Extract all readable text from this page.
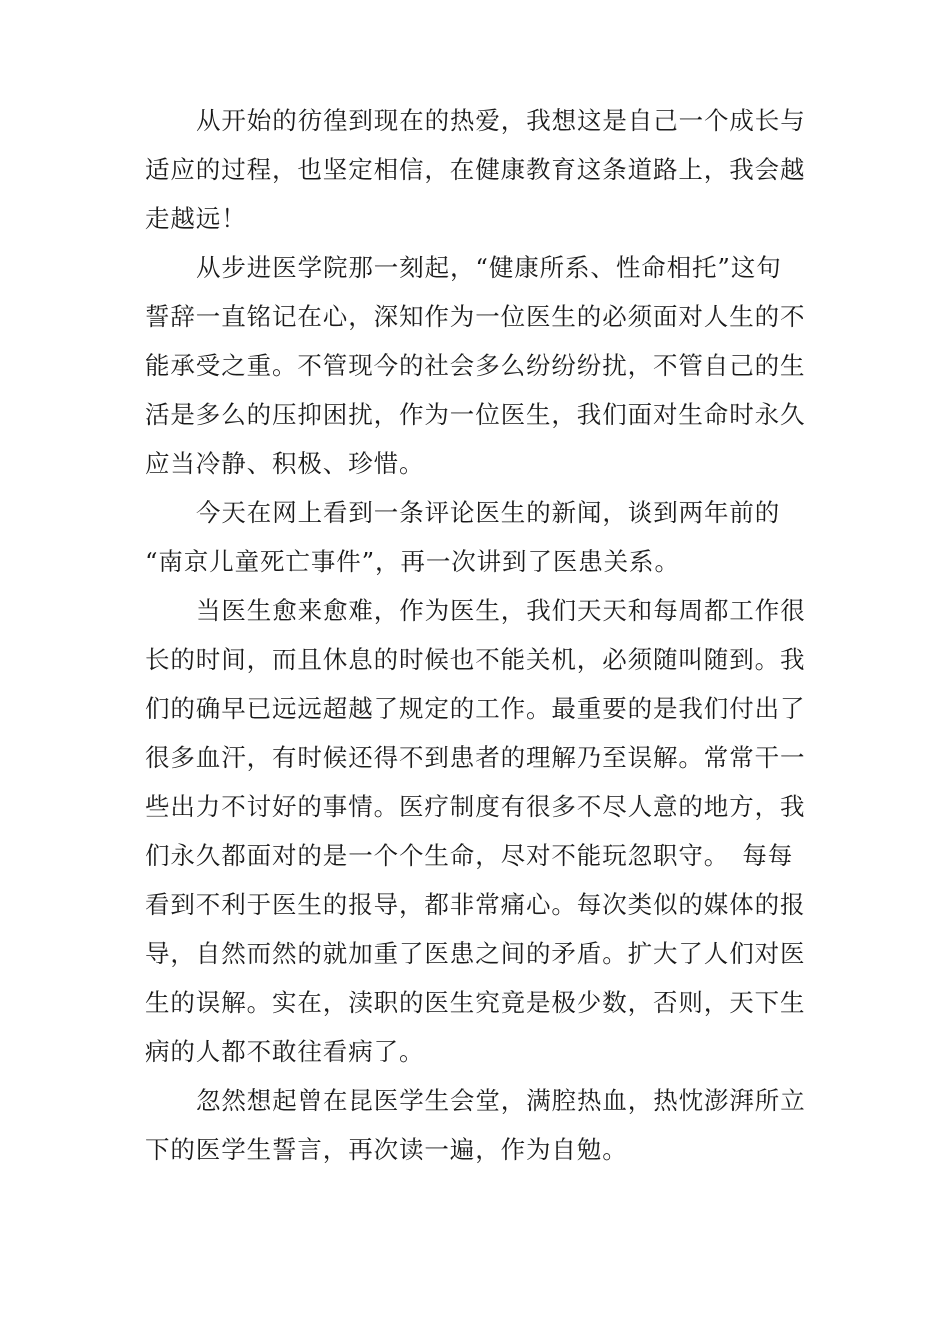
从开始的彷徨到现在的热爱，我想这是自己一个成长与
适应的过程，也坚定相信，在健康教育这条道路上，我会越
走越远！
从步进医学院那一刻起，“健康所系、性命相托”这句
誓辞一直铭记在心，深知作为一位医生的必须面对人生的不
能承受之重。不管现今的社会多么纷纷纷扰，不管自己的生
活是多么的压抑困扰，作为一位医生，我们面对生命时永久
应当冷静、积极、珍惜。
今天在网上看到一条评论医生的新闻，谈到两年前的
“南京儿童死亡事件”，再一次讲到了医患关系。
当医生愈来愈难，作为医生，我们天天和每周都工作很
长的时间，而且休息的时候也不能关机，必须随叫随到。我
们的确早已远远超越了规定的工作。最重要的是我们付出了
很多血汗，有时候还得不到患者的理解乃至误解。常常干一
些出力不讨好的事情。医疗制度有很多不尽人意的地方，我
们永久都面对的是一个个生命，尽对不能玩忽职守。　每每
看到不利于医生的报导，都非常痛心。每次类似的媒体的报
导，自然而然的就加重了医患之间的矛盾。扩大了人们对医
生的误解。实在，渎职的医生究竟是极少数，否则，天下生
病的人都不敢往看病了。
忽然想起曾在昆医学生会堂，满腔热血，热忱澎湃所立
下的医学生誓言，再次读一遍，作为自勉。
